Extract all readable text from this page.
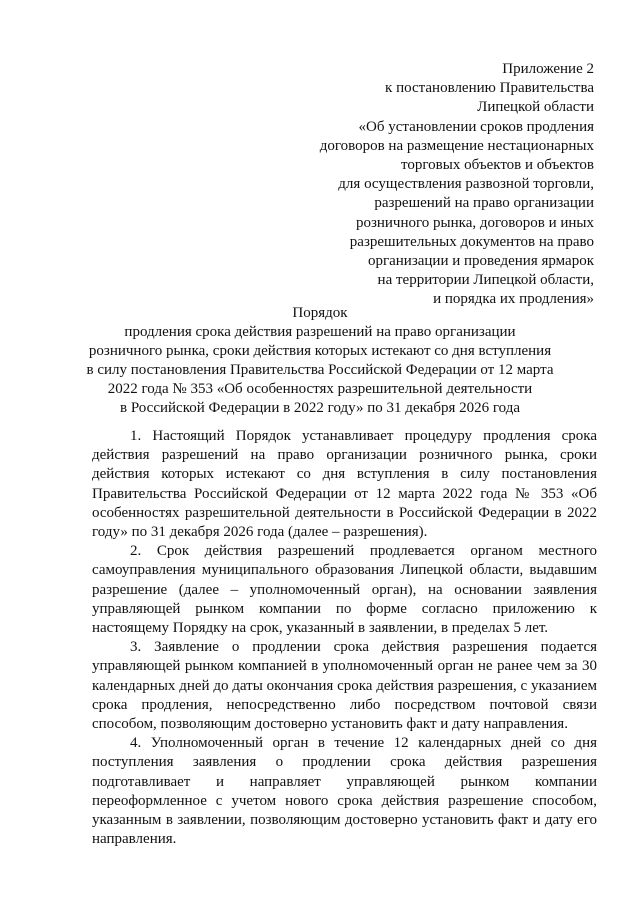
Приложение 2
к постановлению Правительства
Липецкой области
«Об установлении сроков продления
договоров на размещение нестационарных
торговых объектов и объектов
для осуществления развозной торговли,
разрешений на право организации
розничного рынка, договоров и иных
разрешительных документов на право
организации и проведения ярмарок
на территории Липецкой области,
и порядка их продления»
Порядок
продления срока действия разрешений на право организации
розничного рынка, сроки действия которых истекают со дня вступления
в силу постановления Правительства Российской Федерации от 12 марта
2022 года № 353 «Об особенностях разрешительной деятельности
в Российской Федерации в 2022 году» по 31 декабря 2026 года

1. Настоящий Порядок устанавливает процедуру продления срока действия разрешений на право организации розничного рынка, сроки действия которых истекают со дня вступления в силу постановления Правительства Российской Федерации от 12 марта 2022 года № 353 «Об особенностях разрешительной деятельности в Российской Федерации в 2022 году» по 31 декабря 2026 года (далее – разрешения).

2. Срок действия разрешений продлевается органом местного самоуправления муниципального образования Липецкой области, выдавшим разрешение (далее – уполномоченный орган), на основании заявления управляющей рынком компании по форме согласно приложению к настоящему Порядку на срок, указанный в заявлении, в пределах 5 лет.

3. Заявление о продлении срока действия разрешения подается управляющей рынком компанией в уполномоченный орган не ранее чем за 30 календарных дней до даты окончания срока действия разрешения, с указанием срока продления, непосредственно либо посредством почтовой связи способом, позволяющим достоверно установить факт и дату направления.

4. Уполномоченный орган в течение 12 календарных дней со дня поступления заявления о продлении срока действия разрешения подготавливает и направляет управляющей рынком компании переоформленное с учетом нового срока действия разрешение способом, указанным в заявлении, позволяющим достоверно установить факт и дату его направления.
